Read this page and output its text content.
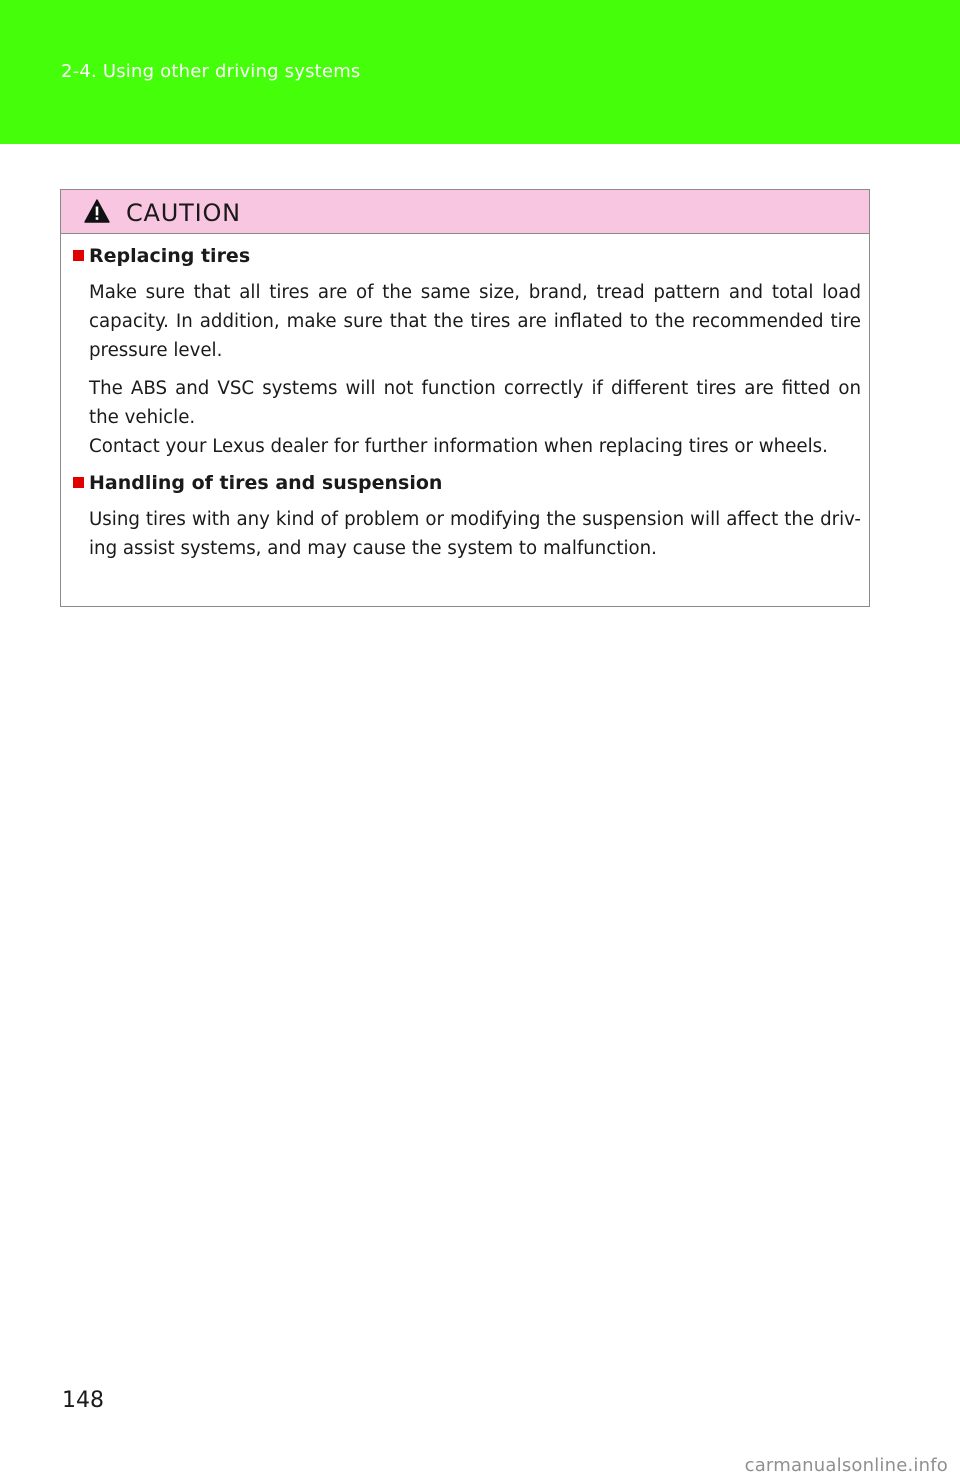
2-4. Using other driving systems
CAUTION
Replacing tires
Make sure that all tires are of the same size, brand, tread pattern and total load capacity. In addition, make sure that the tires are inflated to the recommended tire pressure level.
The ABS and VSC systems will not function correctly if different tires are fitted on the vehicle.
Contact your Lexus dealer for further information when replacing tires or wheels.
Handling of tires and suspension
Using tires with any kind of problem or modifying the suspension will affect the driv-ing assist systems, and may cause the system to malfunction.
148
carmanualsonline.info
